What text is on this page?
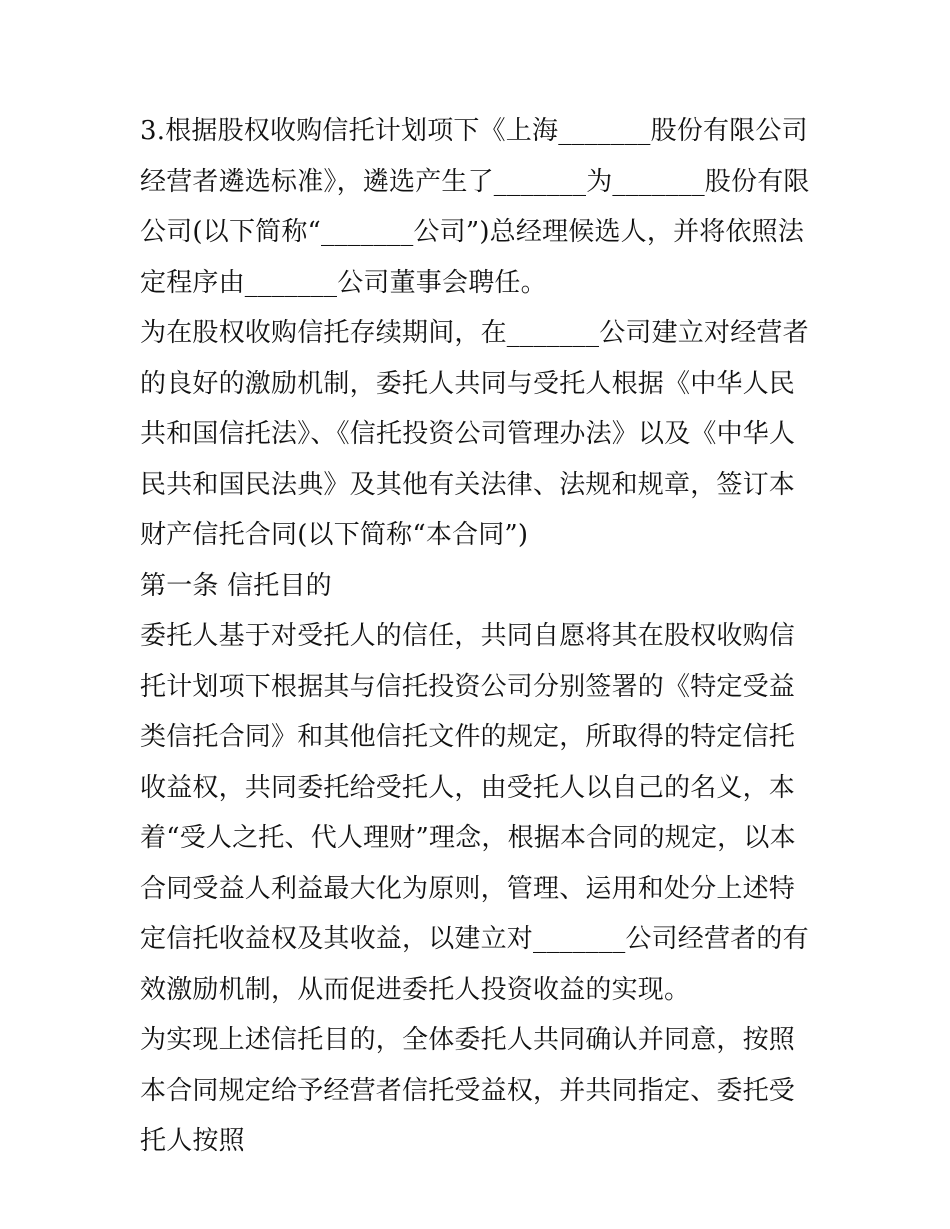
3.根据股权收购信托计划项下《上海_______股份有限公司经营者遴选标准》，遴选产生了_______为_______股份有限公司(以下简称“_______公司”)总经理候选人，并将依照法定程序由_______公司董事会聘任。

为在股权收购信托存续期间，在_______公司建立对经营者的良好的激励机制，委托人共同与受托人根据《中华人民共和国信托法》、《信托投资公司管理办法》以及《中华人民共和国民法典》及其他有关法律、法规和规章，签订本财产信托合同(以下简称“本合同”)

第一条 信托目的

委托人基于对受托人的信任，共同自愿将其在股权收购信托计划项下根据其与信托投资公司分别签署的《特定受益类信托合同》和其他信托文件的规定，所取得的特定信托收益权，共同委托给受托人，由受托人以自己的名义，本着“受人之托、代人理财”理念，根据本合同的规定，以本合同受益人利益最大化为原则，管理、运用和处分上述特定信托收益权及其收益，以建立对_______公司经营者的有效激励机制，从而促进委托人投资收益的实现。

为实现上述信托目的，全体委托人共同确认并同意，按照本合同规定给予经营者信托受益权，并共同指定、委托受托人按照
